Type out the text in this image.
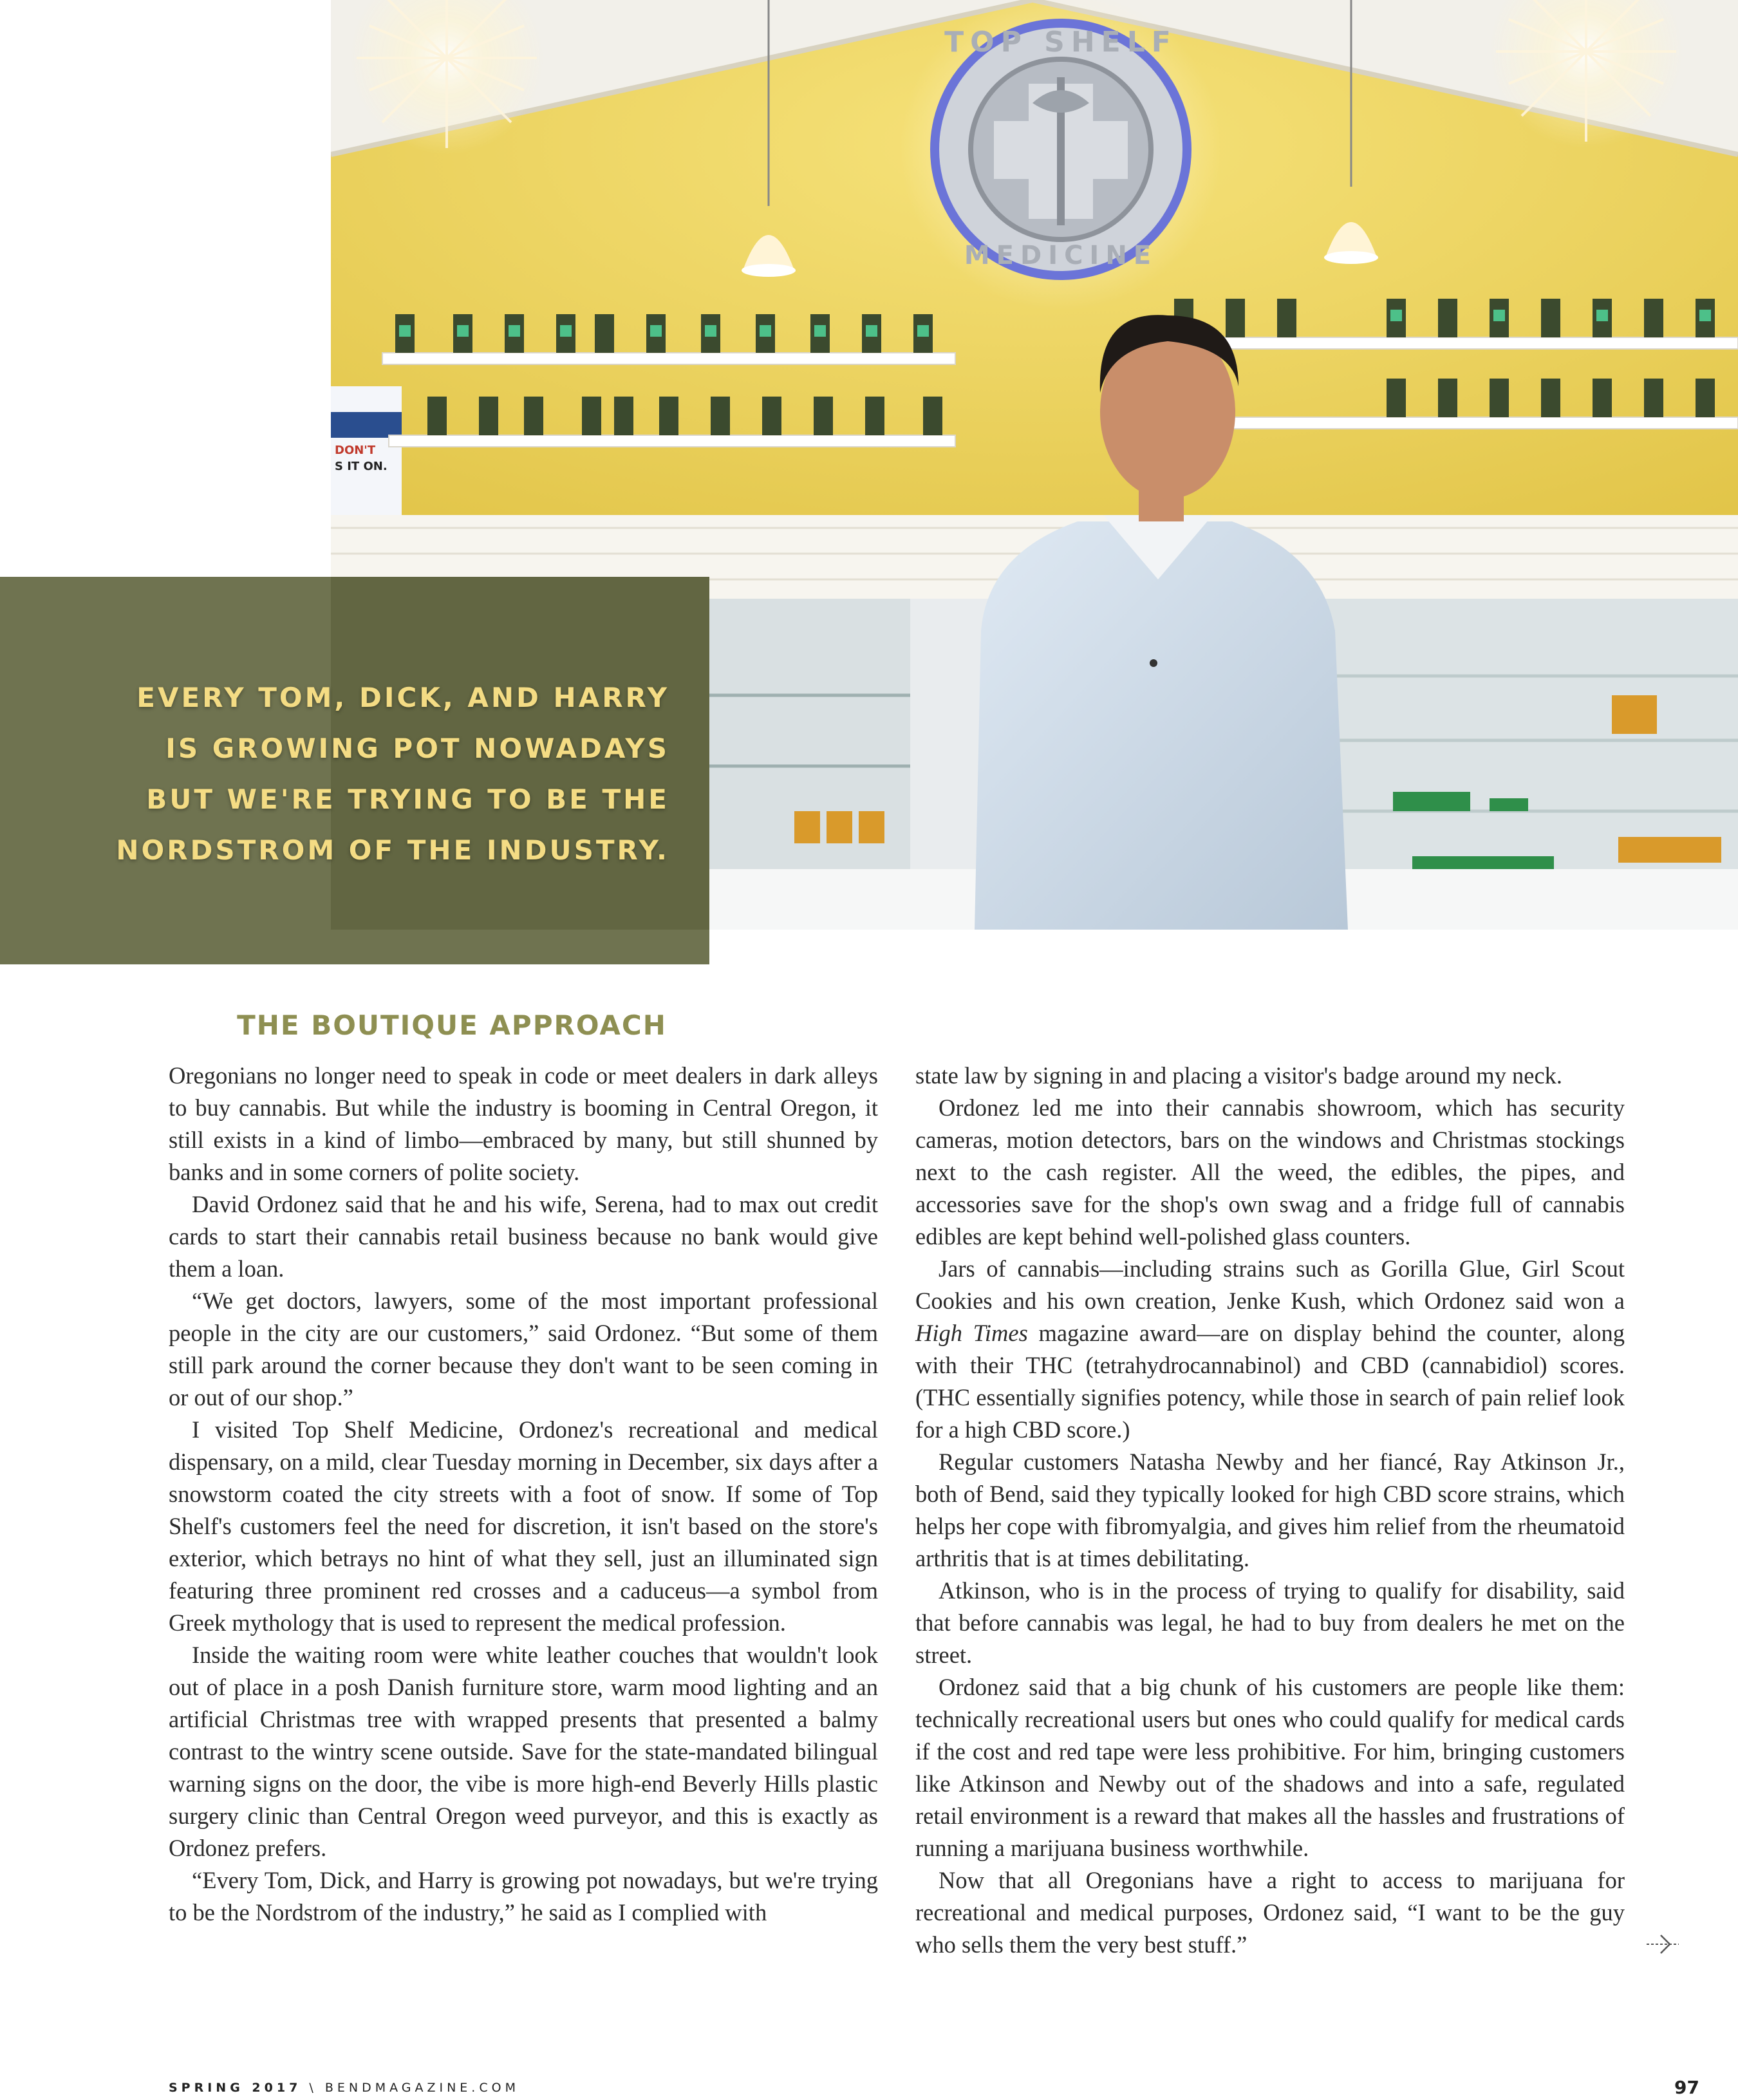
DON'T
S IT ON.
TOP SHELF
MEDICINE
EVERY TOM, DICK, AND HARRY
IS GROWING POT NOWADAYS
BUT WE'RE TRYING TO BE THE
NORDSTROM OF THE INDUSTRY.
THE BOUTIQUE APPROACH

Oregonians no longer need to speak in code or meet dealers in dark alleys to buy cannabis. But while the industry is booming in Central Oregon, it still exists in a kind of limbo—embraced by many, but still shunned by banks and in some corners of polite society.

David Ordonez said that he and his wife, Serena, had to max out credit cards to start their cannabis retail business because no bank would give them a loan.

“We get doctors, lawyers, some of the most important professional people in the city are our customers,” said Ordonez. “But some of them still park around the corner because they don't want to be seen coming in or out of our shop.”

I visited Top Shelf Medicine, Ordonez's recreational and medical dispensary, on a mild, clear Tuesday morning in December, six days after a snowstorm coated the city streets with a foot of snow. If some of Top Shelf's customers feel the need for discretion, it isn't based on the store's exterior, which betrays no hint of what they sell, just an illuminated sign featuring three prominent red crosses and a caduceus—a symbol from Greek mythology that is used to represent the medical profession.

Inside the waiting room were white leather couches that wouldn't look out of place in a posh Danish furniture store, warm mood lighting and an artificial Christmas tree with wrapped presents that presented a balmy contrast to the wintry scene outside. Save for the state-mandated bilingual warning signs on the door, the vibe is more high-end Beverly Hills plastic surgery clinic than Central Oregon weed purveyor, and this is exactly as Ordonez prefers.

“Every Tom, Dick, and Harry is growing pot nowadays, but we're trying to be the Nordstrom of the industry,” he said as I complied with

state law by signing in and placing a visitor's badge around my neck.

Ordonez led me into their cannabis showroom, which has security cameras, motion detectors, bars on the windows and Christmas stockings next to the cash register. All the weed, the edibles, the pipes, and accessories save for the shop's own swag and a fridge full of cannabis edibles are kept behind well-polished glass counters.

Jars of cannabis—including strains such as Gorilla Glue, Girl Scout Cookies and his own creation, Jenke Kush, which Ordonez said won a High Times magazine award—are on display behind the counter, along with their THC (tetrahydrocannabinol) and CBD (cannabidiol) scores. (THC essentially signifies potency, while those in search of pain relief look for a high CBD score.)

Regular customers Natasha Newby and her fiancé, Ray Atkinson Jr., both of Bend, said they typically looked for high CBD score strains, which helps her cope with fibromyalgia, and gives him relief from the rheumatoid arthritis that is at times debilitating.

Atkinson, who is in the process of trying to qualify for disability, said that before cannabis was legal, he had to buy from dealers he met on the street.

Ordonez said that a big chunk of his customers are people like them: technically recreational users but ones who could qualify for medical cards if the cost and red tape were less prohibitive. For him, bringing customers like Atkinson and Newby out of the shadows and into a safe, regulated retail environment is a reward that makes all the hassles and frustrations of running a marijuana business worthwhile.

Now that all Oregonians have a right to access to marijuana for recreational and medical purposes, Ordonez said, “I want to be the guy who sells them the very best stuff.”

SPRING 2017 \ BENDMAGAZINE.COM	97
